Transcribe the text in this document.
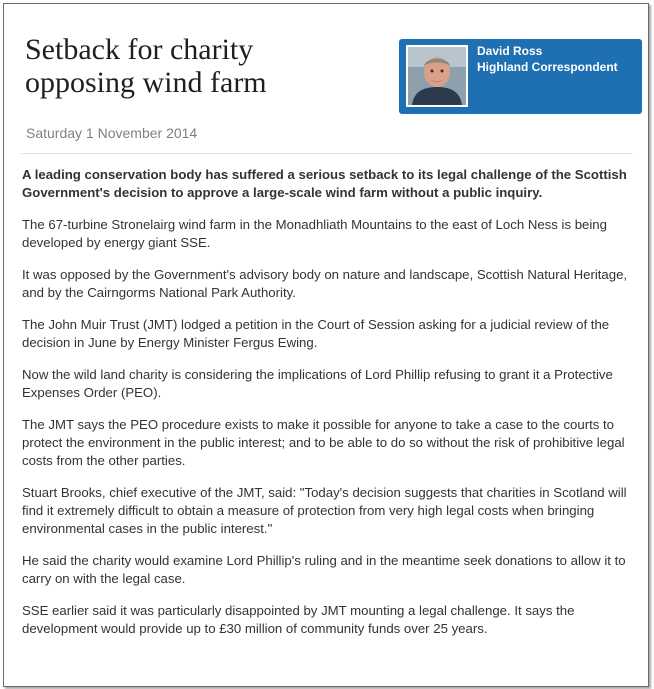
Setback for charity opposing wind farm
David Ross
Highland Correspondent
Saturday 1 November 2014

A leading conservation body has suffered a serious setback to its legal challenge of the Scottish Government's decision to approve a large-scale wind farm without a public inquiry.

The 67-turbine Stronelairg wind farm in the Monadhliath Mountains to the east of Loch Ness is being developed by energy giant SSE.

It was opposed by the Government's advisory body on nature and landscape, Scottish Natural Heritage, and by the Cairngorms National Park Authority.

The John Muir Trust (JMT) lodged a petition in the Court of Session asking for a judicial review of the decision in June by Energy Minister Fergus Ewing.

Now the wild land charity is considering the implications of Lord Phillip refusing to grant it a Protective Expenses Order (PEO).

The JMT says the PEO procedure exists to make it possible for anyone to take a case to the courts to protect the environment in the public interest; and to be able to do so without the risk of prohibitive legal costs from the other parties.

Stuart Brooks, chief executive of the JMT, said: "Today's decision suggests that charities in Scotland will find it extremely difficult to obtain a measure of protection from very high legal costs when bringing environmental cases in the public interest."

He said the charity would examine Lord Phillip's ruling and in the meantime seek donations to allow it to carry on with the legal case.

SSE earlier said it was particularly disappointed by JMT mounting a legal challenge. It says the development would provide up to £30 million of community funds over 25 years.
